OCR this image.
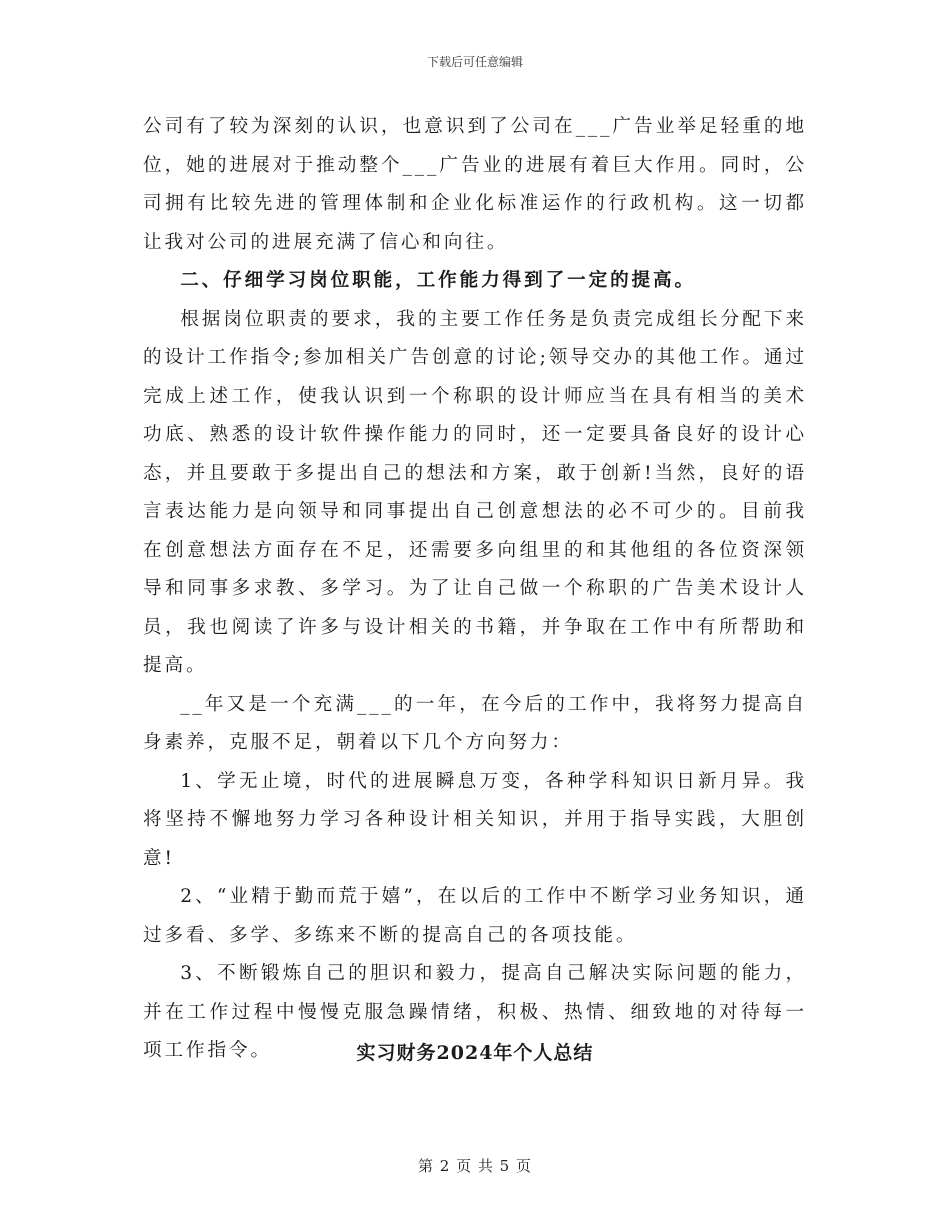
下载后可任意编辑

公司有了较为深刻的认识，也意识到了公司在___广告业举足轻重的地位，她的进展对于推动整个___广告业的进展有着巨大作用。同时，公司拥有比较先进的管理体制和企业化标准运作的行政机构。这一切都让我对公司的进展充满了信心和向往。

二、仔细学习岗位职能，工作能力得到了一定的提高。

根据岗位职责的要求，我的主要工作任务是负责完成组长分配下来的设计工作指令;参加相关广告创意的讨论;领导交办的其他工作。通过完成上述工作，使我认识到一个称职的设计师应当在具有相当的美术功底、熟悉的设计软件操作能力的同时，还一定要具备良好的设计心态，并且要敢于多提出自己的想法和方案，敢于创新!当然，良好的语言表达能力是向领导和同事提出自己创意想法的必不可少的。目前我在创意想法方面存在不足，还需要多向组里的和其他组的各位资深领导和同事多求教、多学习。为了让自己做一个称职的广告美术设计人员，我也阅读了许多与设计相关的书籍，并争取在工作中有所帮助和提高。

__年又是一个充满___的一年，在今后的工作中，我将努力提高自身素养，克服不足，朝着以下几个方向努力：

1、学无止境，时代的进展瞬息万变，各种学科知识日新月异。我将坚持不懈地努力学习各种设计相关知识，并用于指导实践，大胆创意!

2、“业精于勤而荒于嬉”，在以后的工作中不断学习业务知识，通过多看、多学、多练来不断的提高自己的各项技能。

3、不断锻炼自己的胆识和毅力，提高自己解决实际问题的能力，并在工作过程中慢慢克服急躁情绪，积极、热情、细致地的对待每一项工作指令。	实习财务2024年个人总结
第 2 页 共 5 页
